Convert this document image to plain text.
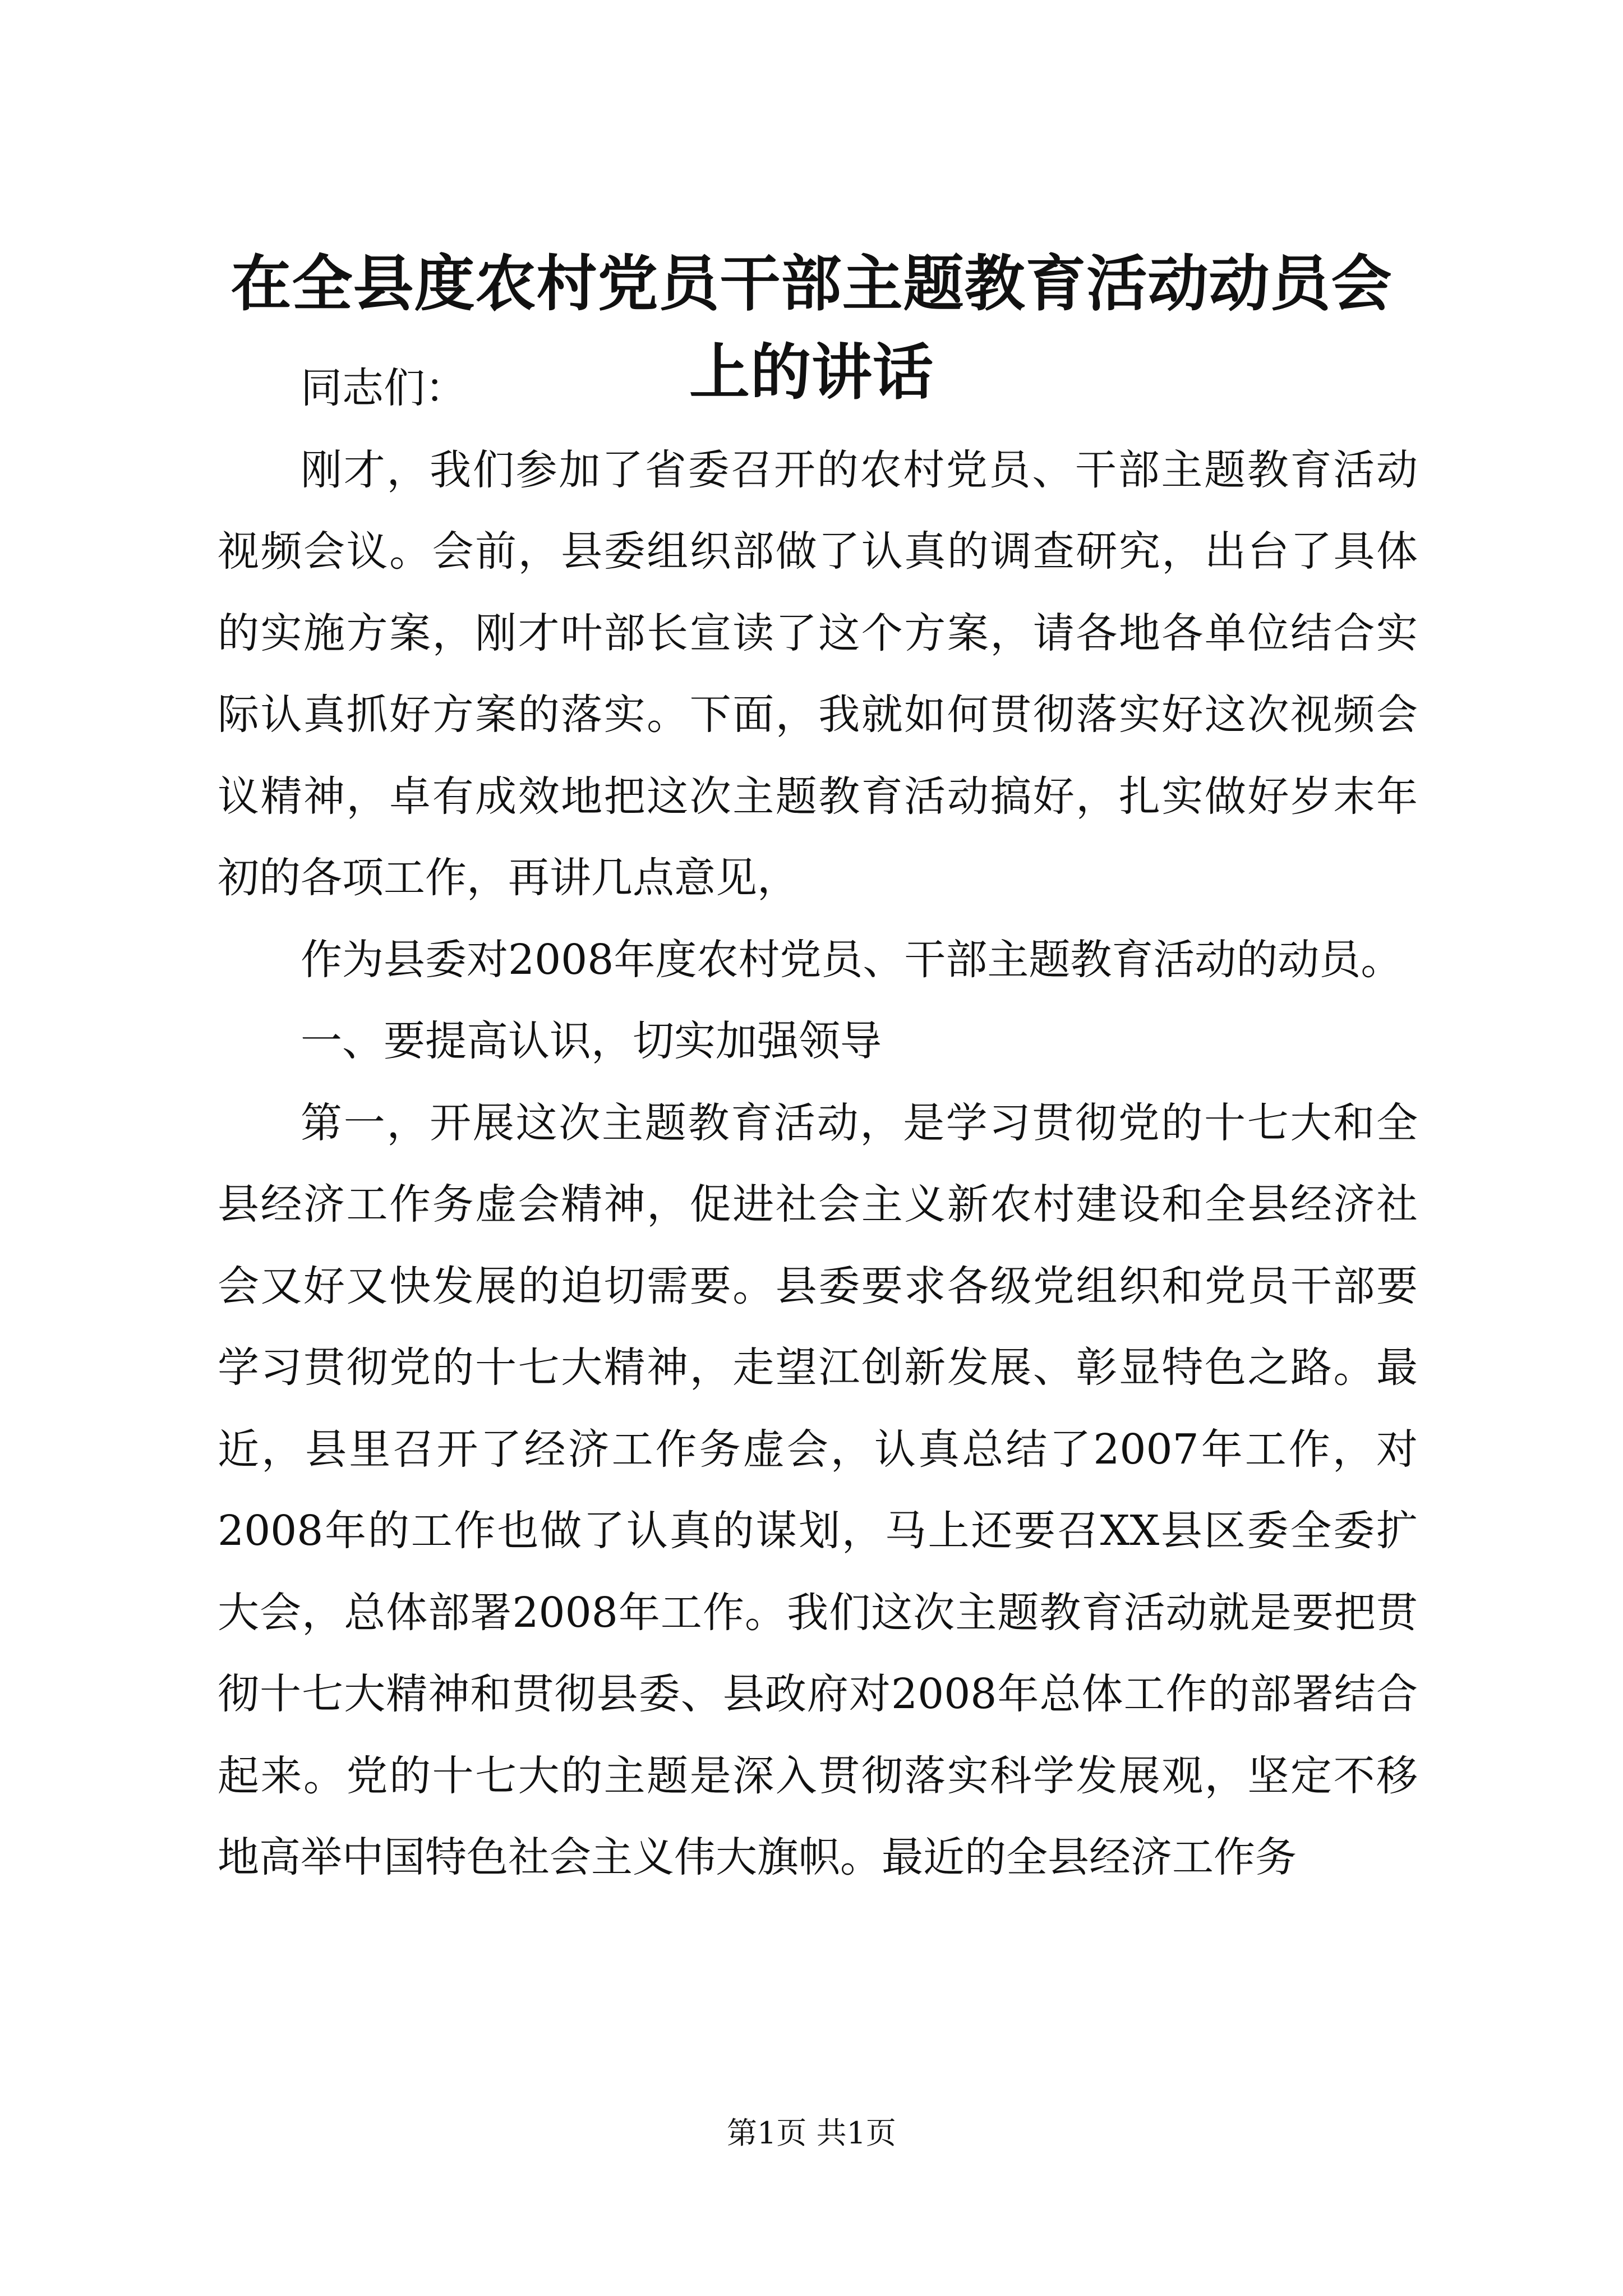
在全县度农村党员干部主题教育活动动员会上的讲话

同志们：

刚才，我们参加了省委召开的农村党员、干部主题教育活动视频会议。会前，县委组织部做了认真的调查研究，出台了具体的实施方案，刚才叶部长宣读了这个方案，请各地各单位结合实际认真抓好方案的落实。下面，我就如何贯彻落实好这次视频会议精神，卓有成效地把这次主题教育活动搞好，扎实做好岁末年初的各项工作，再讲几点意见，

作为县委对2008年度农村党员、干部主题教育活动的动员。

一、要提高认识，切实加强领导

第一，开展这次主题教育活动，是学习贯彻党的十七大和全县经济工作务虚会精神，促进社会主义新农村建设和全县经济社会又好又快发展的迫切需要。县委要求各级党组织和党员干部要学习贯彻党的十七大精神，走望江创新发展、彰显特色之路。最近，县里召开了经济工作务虚会，认真总结了2007年工作，对2008年的工作也做了认真的谋划，马上还要召XX县区委全委扩大会，总体部署2008年工作。我们这次主题教育活动就是要把贯彻十七大精神和贯彻县委、县政府对2008年总体工作的部署结合起来。党的十七大的主题是深入贯彻落实科学发展观，坚定不移地高举中国特色社会主义伟大旗帜。最近的全县经济工作务

第1页 共1页
